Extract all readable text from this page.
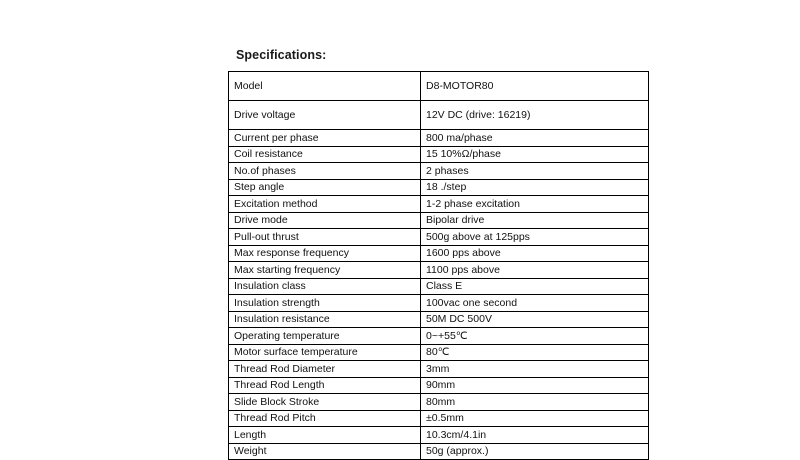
Specifications:
Model	D8-MOTOR80
Drive voltage	12V DC (drive: 16219)
Current per phase	800 ma/phase
Coil resistance	15 10%Ω/phase
No.of phases	2 phases
Step angle	18 ./step
Excitation method	1-2 phase excitation
Drive mode	Bipolar drive
Pull-out thrust	500g above at 125pps
Max response frequency	1600 pps above
Max starting frequency	1100 pps above
Insulation class	Class E
Insulation strength	100vac one second
Insulation resistance	50M DC 500V
Operating temperature	0~+55℃
Motor surface temperature	80℃
Thread Rod Diameter	3mm
Thread Rod Length	90mm
Slide Block Stroke	80mm
Thread Rod Pitch	±0.5mm
Length	10.3cm/4.1in
Weight	50g (approx.)
